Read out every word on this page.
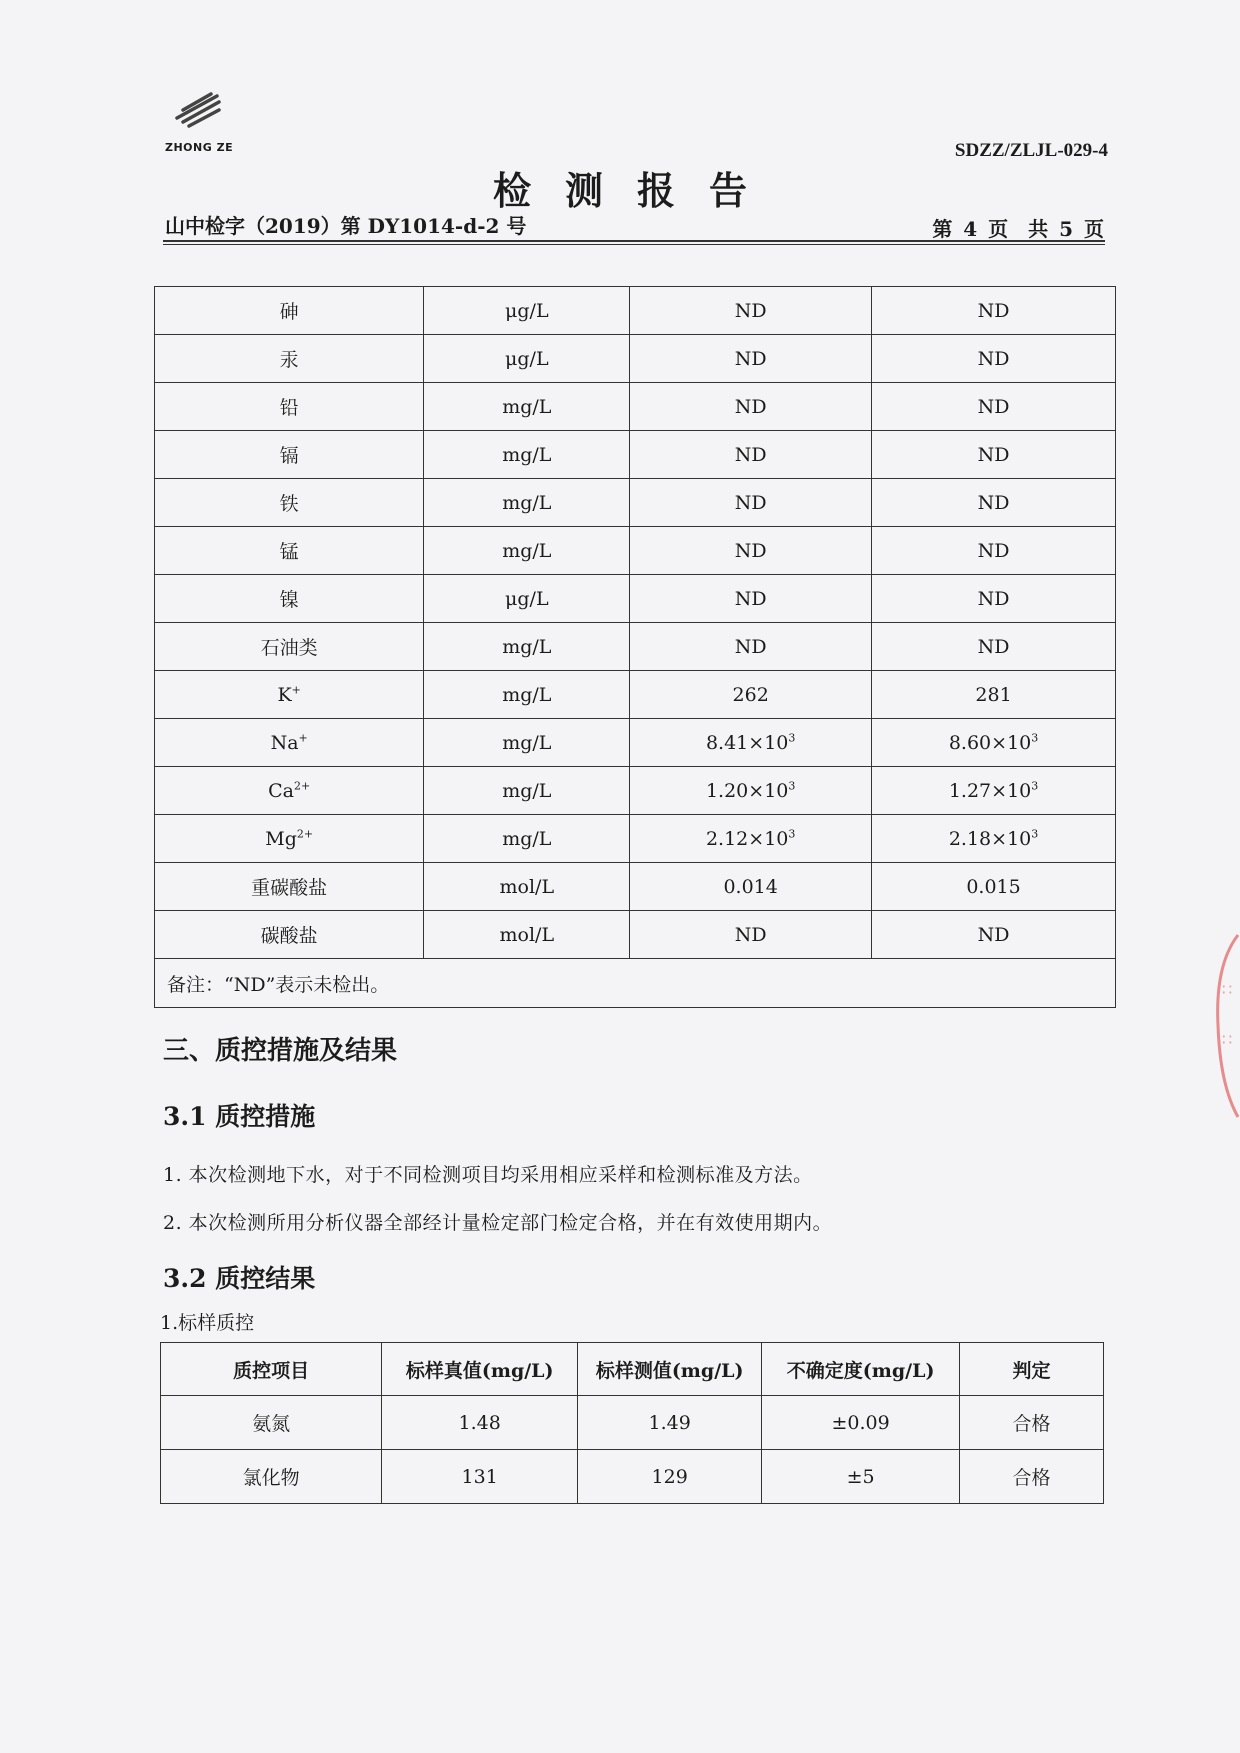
ZHONG ZE	SDZZ/ZLJL-029-4
检测报告
山中检字（2019）第 DY1014-d-2 号	第 4 页　共 5 页
砷	μg/L	ND	ND
汞	μg/L	ND	ND
铅	mg/L	ND	ND
镉	mg/L	ND	ND
铁	mg/L	ND	ND
锰	mg/L	ND	ND
镍	μg/L	ND	ND
石油类	mg/L	ND	ND
K+	mg/L	262	281
Na+	mg/L	$8.41\times 10^3$	$8.60\times 10^3$
$Ca^{2+}$	mg/L	$1.20\times 10^3$	$1.27\times 10^3$
$Mg^{2+}$	mg/L	$2.12\times 10^3$	$2.18\times 10^3$
重碳酸盐	mol/L	0.014	0.015
碳酸盐	mol/L	ND	ND
备注：“ND”表示未检出。			
三、质控措施及结果
3.1 质控措施
1. 本次检测地下水，对于不同检测项目均采用相应采样和检测标准及方法。
2. 本次检测所用分析仪器全部经计量检定部门检定合格，并在有效使用期内。
3.2 质控结果
1.标样质控
质控项目	标样真值(mg/L)	标样测值(mg/L)	不确定度(mg/L)	判定
氨氮	1.48	1.49	±0.09	合格
氯化物	131	129	±5	合格
∷
∷
